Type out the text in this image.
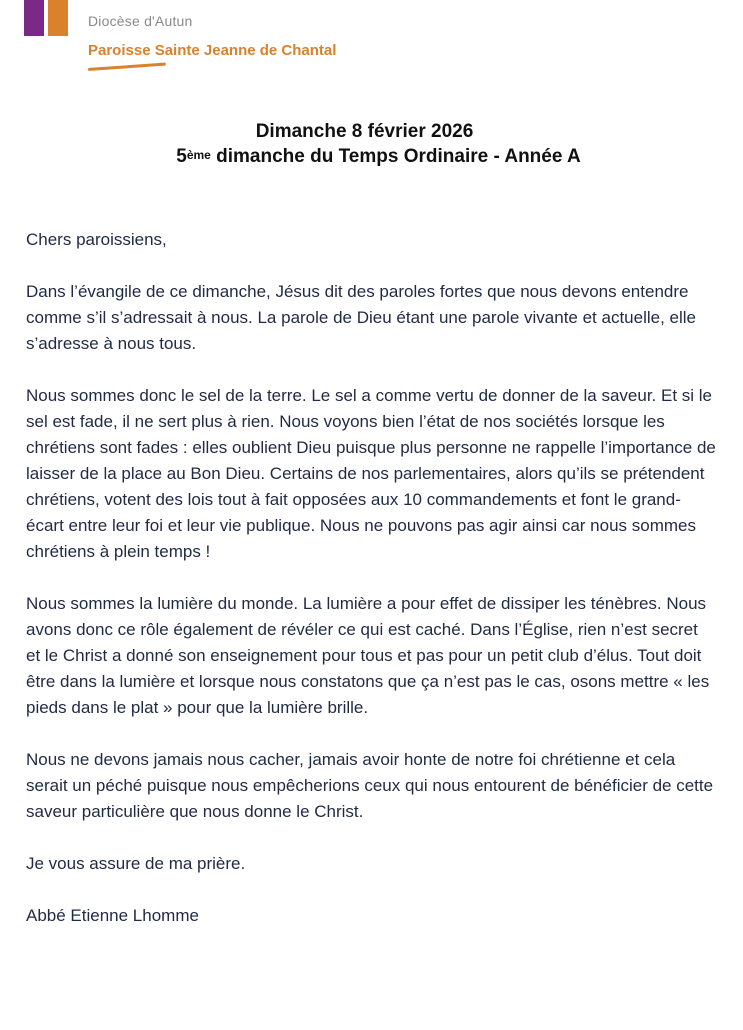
Diocèse d'Autun

Paroisse Sainte Jeanne de Chantal

Dimanche 8 février 2026

5ème dimanche du Temps Ordinaire - Année A

Chers paroissiens,

Dans l’évangile de ce dimanche, Jésus dit des paroles fortes que nous devons entendre comme s’il s’adressait à nous. La parole de Dieu étant une parole vivante et actuelle, elle s’adresse à nous tous.

Nous sommes donc le sel de la terre. Le sel a comme vertu de donner de la saveur. Et si le sel est fade, il ne sert plus à rien. Nous voyons bien l’état de nos sociétés lorsque les chrétiens sont fades : elles oublient Dieu puisque plus personne ne rappelle l’importance de laisser de la place au Bon Dieu. Certains de nos parlementaires, alors qu’ils se prétendent chrétiens, votent des lois tout à fait opposées aux 10 commandements et font le grand-écart entre leur foi et leur vie publique. Nous ne pouvons pas agir ainsi car nous sommes chrétiens à plein temps !

Nous sommes la lumière du monde. La lumière a pour effet de dissiper les ténèbres. Nous avons donc ce rôle également de révéler ce qui est caché. Dans l’Église, rien n’est secret et le Christ a donné son enseignement pour tous et pas pour un petit club d’élus. Tout doit être dans la lumière et lorsque nous constatons que ça n’est pas le cas, osons mettre « les pieds dans le plat » pour que la lumière brille.

Nous ne devons jamais nous cacher, jamais avoir honte de notre foi chrétienne et cela serait un péché puisque nous empêcherions ceux qui nous entourent de bénéficier de cette saveur particulière que nous donne le Christ.

Je vous assure de ma prière.

Abbé Etienne Lhomme
